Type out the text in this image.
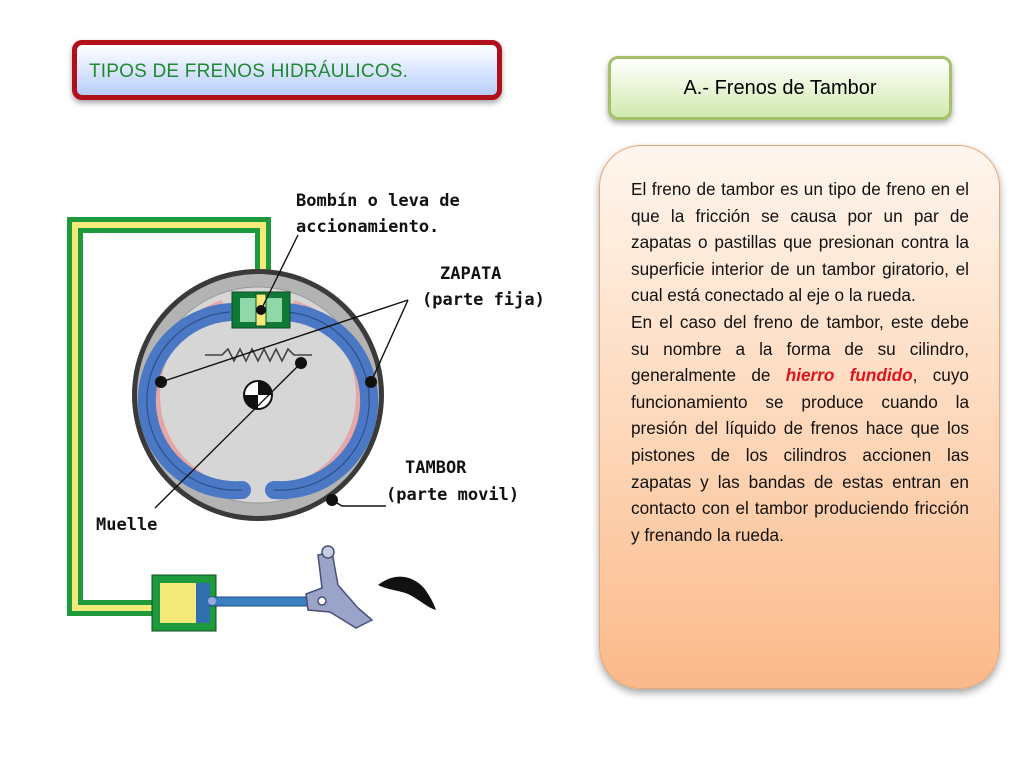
TIPOS DE FRENOS HIDRÁULICOS.
A.- Frenos de Tambor

El freno de tambor es un tipo de freno en el que la fricción se causa por un par de zapatas o pastillas que presionan contra la superficie interior de un tambor giratorio, el cual está conectado al eje o la rueda.

En el caso del freno de tambor, este debe su nombre a la forma de su cilindro, generalmente de hierro fundido, cuyo funcionamiento se produce cuando la presión del líquido de frenos hace que los pistones de los cilindros accionen las zapatas y las bandas de estas entran en contacto con el tambor produciendo fricción y frenando la rueda.

Bombín o leva de
accionamiento.
ZAPATA
(parte fija)
TAMBOR
(parte movil)
Muelle
